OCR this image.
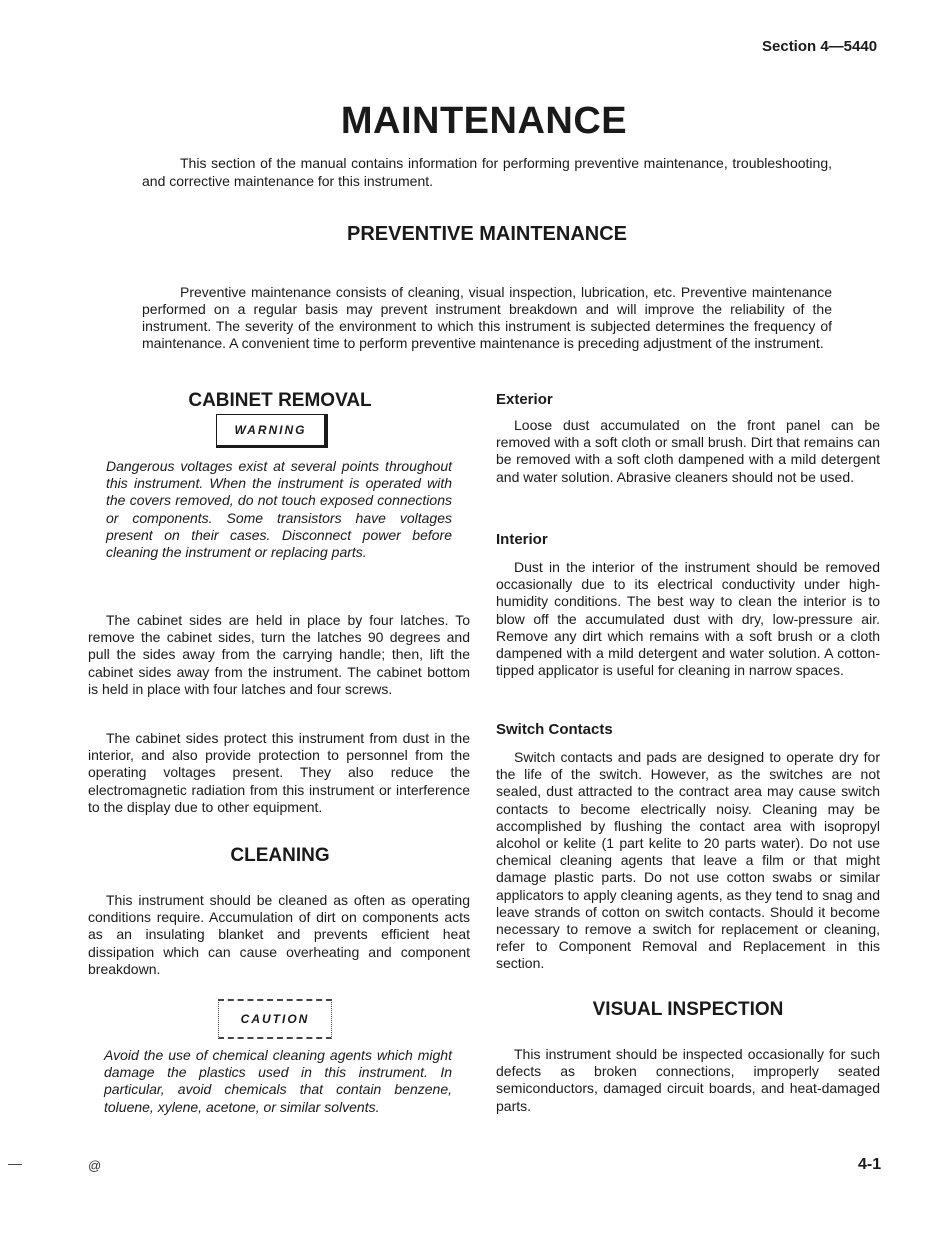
Section 4—5440
MAINTENANCE
This section of the manual contains information for performing preventive maintenance, troubleshooting, and corrective maintenance for this instrument.
PREVENTIVE MAINTENANCE
Preventive maintenance consists of cleaning, visual inspection, lubrication, etc. Preventive maintenance performed on a regular basis may prevent instrument breakdown and will improve the reliability of the instrument. The severity of the environment to which this instrument is subjected determines the frequency of maintenance. A convenient time to perform preventive maintenance is preceding adjustment of the instrument.
CABINET REMOVAL
WARNING
Dangerous voltages exist at several points throughout this instrument. When the instrument is operated with the covers removed, do not touch exposed connections or components. Some transistors have voltages present on their cases. Disconnect power before cleaning the instrument or replacing parts.
The cabinet sides are held in place by four latches. To remove the cabinet sides, turn the latches 90 degrees and pull the sides away from the carrying handle; then, lift the cabinet sides away from the instrument. The cabinet bottom is held in place with four latches and four screws.
The cabinet sides protect this instrument from dust in the interior, and also provide protection to personnel from the operating voltages present. They also reduce the electromagnetic radiation from this instrument or interference to the display due to other equipment.
CLEANING
This instrument should be cleaned as often as operating conditions require. Accumulation of dirt on components acts as an insulating blanket and prevents efficient heat dissipation which can cause overheating and component breakdown.
CAUTION
Avoid the use of chemical cleaning agents which might damage the plastics used in this instrument. In particular, avoid chemicals that contain benzene, toluene, xylene, acetone, or similar solvents.
Exterior
Loose dust accumulated on the front panel can be removed with a soft cloth or small brush. Dirt that remains can be removed with a soft cloth dampened with a mild detergent and water solution. Abrasive cleaners should not be used.
Interior
Dust in the interior of the instrument should be removed occasionally due to its electrical conductivity under high-humidity conditions. The best way to clean the interior is to blow off the accumulated dust with dry, low-pressure air. Remove any dirt which remains with a soft brush or a cloth dampened with a mild detergent and water solution. A cotton-tipped applicator is useful for cleaning in narrow spaces.
Switch Contacts
Switch contacts and pads are designed to operate dry for the life of the switch. However, as the switches are not sealed, dust attracted to the contract area may cause switch contacts to become electrically noisy. Cleaning may be accomplished by flushing the contact area with isopropyl alcohol or kelite (1 part kelite to 20 parts water). Do not use chemical cleaning agents that leave a film or that might damage plastic parts. Do not use cotton swabs or similar applicators to apply cleaning agents, as they tend to snag and leave strands of cotton on switch contacts. Should it become necessary to remove a switch for replacement or cleaning, refer to Component Removal and Replacement in this section.
VISUAL INSPECTION
This instrument should be inspected occasionally for such defects as broken connections, improperly seated semiconductors, damaged circuit boards, and heat-damaged parts.
@	4-1
